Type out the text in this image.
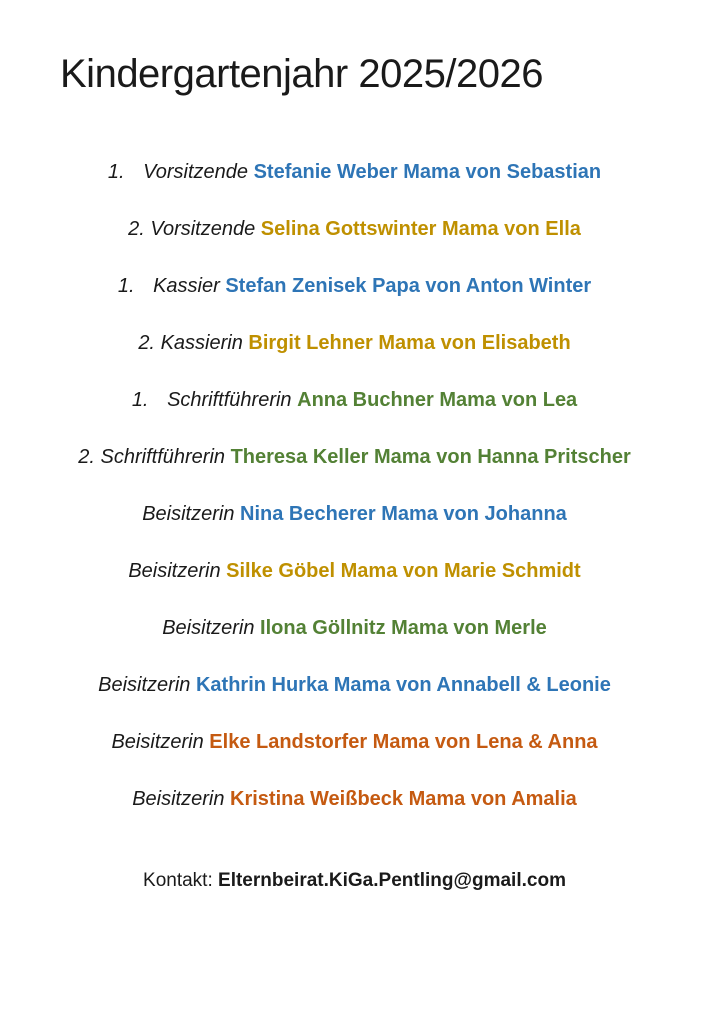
Kindergartenjahr 2025/2026
1. Vorsitzende Stefanie Weber Mama von Sebastian
2. Vorsitzende Selina Gottswinter Mama von Ella
1. Kassier Stefan Zenisek Papa von Anton Winter
2. Kassierin Birgit Lehner Mama von Elisabeth
1. Schriftführerin Anna Buchner Mama von Lea
2. Schriftführerin Theresa Keller Mama von Hanna Pritscher
Beisitzerin Nina Becherer Mama von Johanna
Beisitzerin Silke Göbel Mama von Marie Schmidt
Beisitzerin Ilona Göllnitz Mama von Merle
Beisitzerin Kathrin Hurka Mama von Annabell & Leonie
Beisitzerin Elke Landstorfer Mama von Lena & Anna
Beisitzerin Kristina Weißbeck Mama von Amalia
Kontakt: Elternbeirat.KiGa.Pentling@gmail.com
